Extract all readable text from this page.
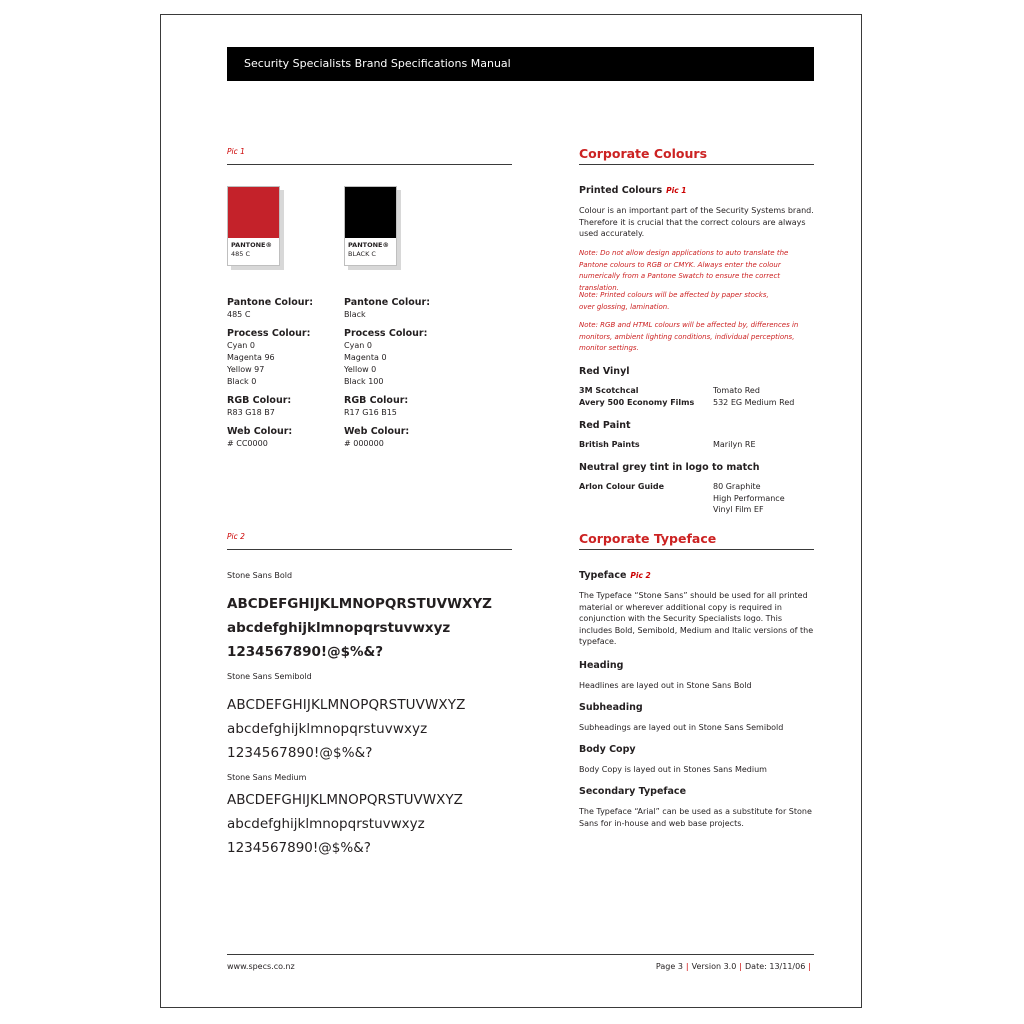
Security Specialists Brand Specifications Manual
Pic 1
PANTONE®
485 C
PANTONE®
BLACK C
Pantone Colour:
485 C
Process Colour:
Cyan 0
Magenta 96
Yellow 97
Black 0
RGB Colour:
R83 G18 B7
Web Colour:
# CC0000
Pantone Colour:
Black
Process Colour:
Cyan 0
Magenta 0
Yellow 0
Black 100
RGB Colour:
R17 G16 B15
Web Colour:
# 000000
Pic 2
Stone Sans Bold
ABCDEFGHIJKLMNOPQRSTUVWXYZ
abcdefghijklmnopqrstuvwxyz
1234567890!@$%&?
Stone Sans Semibold
ABCDEFGHIJKLMNOPQRSTUVWXYZ
abcdefghijklmnopqrstuvwxyz
1234567890!@$%&?
Stone Sans Medium
ABCDEFGHIJKLMNOPQRSTUVWXYZ
abcdefghijklmnopqrstuvwxyz
1234567890!@$%&?
Corporate Colours
Printed Colours Pic 1
Colour is an important part of the Security Systems brand. Therefore it is crucial that the correct colours are always used accurately.
Note: Do not allow design applications to auto translate the Pantone colours to RGB or CMYK. Always enter the colour numerically from a Pantone Swatch to ensure the correct translation.
Note: Printed colours will be affected by paper stocks, over glossing, lamination.
Note: RGB and HTML colours will be affected by, differences in monitors, ambient lighting conditions, individual perceptions, monitor settings.
Red Vinyl
3M Scotchcal	Tomato Red
Avery 500 Economy Films 532 EG Medium Red
Red Paint
British Paints	Marilyn RE
Neutral grey tint in logo to match
Arlon Colour Guide	80 Graphite
High Performance
Vinyl Film EF
Corporate Typeface
Typeface Pic 2
The Typeface “Stone Sans” should be used for all printed material or wherever additional copy is required in conjunction with the Security Specialists logo. This includes Bold, Semibold, Medium and Italic versions of the typeface.
Heading
Headlines are layed out in Stone Sans Bold
Subheading
Subheadings are layed out in Stone Sans Semibold
Body Copy
Body Copy is layed out in Stones Sans Medium
Secondary Typeface
The Typeface “Arial” can be used as a substitute for Stone Sans for in-house and web base projects.
www.specs.co.nz	Page 3 | Version 3.0 | Date: 13/11/06 |
